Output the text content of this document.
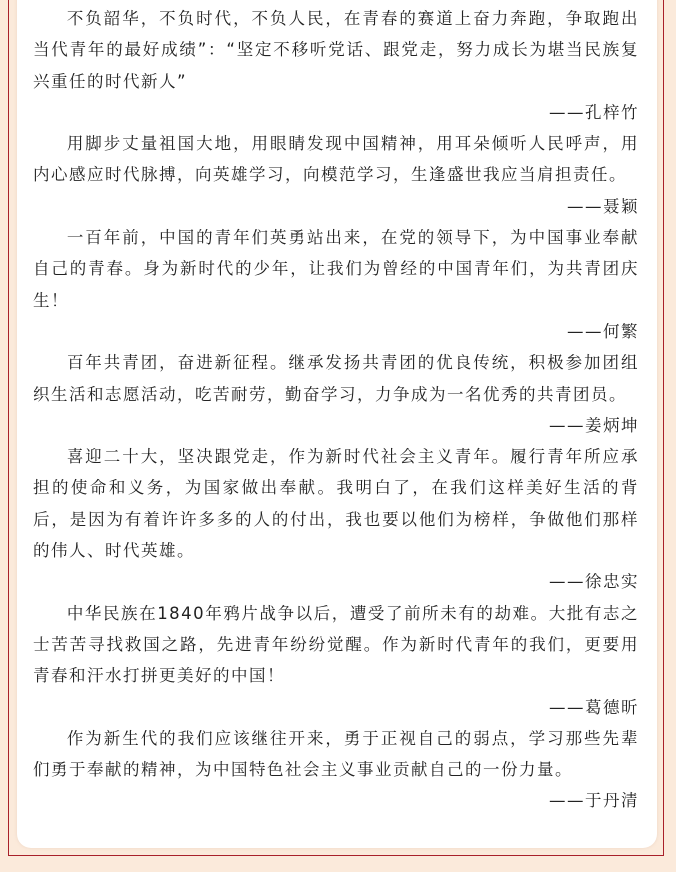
不负韶华，不负时代，不负人民，在青春的赛道上奋力奔跑，争取跑出当代青年的最好成绩”：“坚定不移听党话、跟党走，努力成长为堪当民族复兴重任的时代新人”

——孔梓竹

用脚步丈量祖国大地，用眼睛发现中国精神，用耳朵倾听人民呼声，用内心感应时代脉搏，向英雄学习，向模范学习，生逢盛世我应当肩担责任。

——聂颖

一百年前，中国的青年们英勇站出来，在党的领导下，为中国事业奉献自己的青春。身为新时代的少年，让我们为曾经的中国青年们，为共青团庆生！

——何繁

百年共青团，奋进新征程。继承发扬共青团的优良传统，积极参加团组织生活和志愿活动，吃苦耐劳，勤奋学习，力争成为一名优秀的共青团员。

——姜炳坤

喜迎二十大，坚决跟党走，作为新时代社会主义青年。履行青年所应承担的使命和义务，为国家做出奉献。我明白了，在我们这样美好生活的背后，是因为有着许许多多的人的付出，我也要以他们为榜样，争做他们那样的伟人、时代英雄。

——徐忠实

中华民族在1840年鸦片战争以后，遭受了前所未有的劫难。大批有志之士苦苦寻找救国之路，先进青年纷纷觉醒。作为新时代青年的我们，更要用青春和汗水打拼更美好的中国！

——葛德昕

作为新生代的我们应该继往开来，勇于正视自己的弱点，学习那些先辈们勇于奉献的精神，为中国特色社会主义事业贡献自己的一份力量。

——于丹清
